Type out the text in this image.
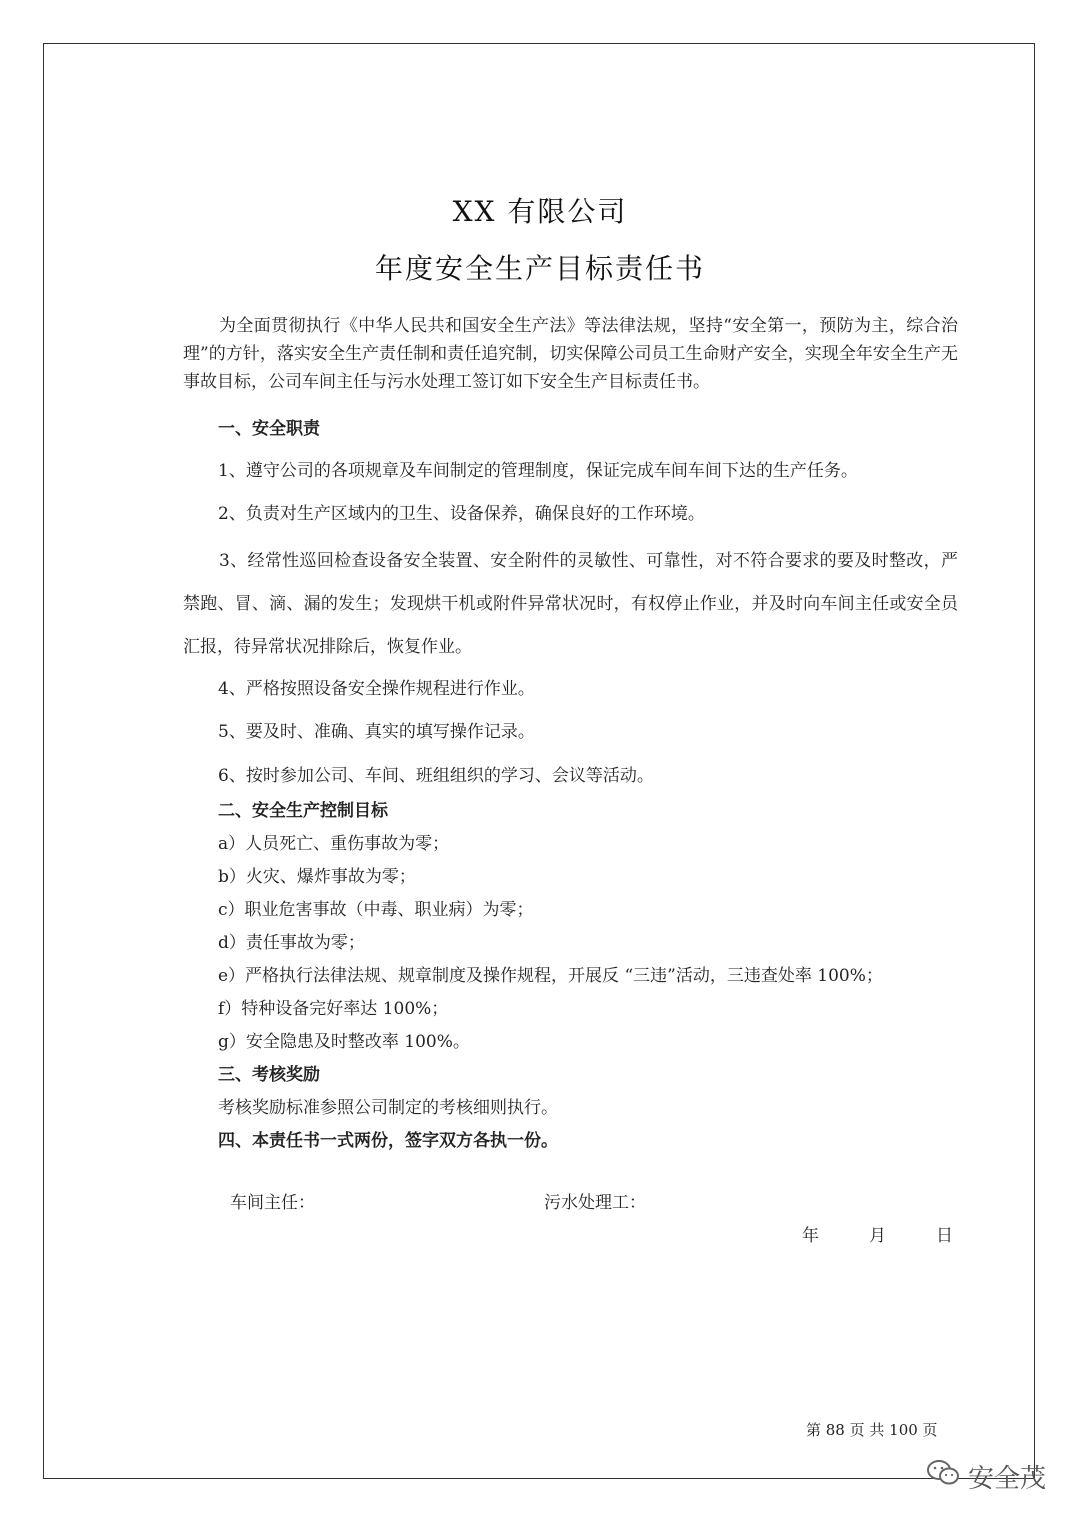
XX 有限公司
年度安全生产目标责任书
为全面贯彻执行《中华人民共和国安全生产法》等法律法规，坚持“安全第一，预防为主，综合治理”的方针，落实安全生产责任制和责任追究制，切实保障公司员工生命财产安全，实现全年安全生产无事故目标，公司车间主任与污水处理工签订如下安全生产目标责任书。
一、安全职责
1、遵守公司的各项规章及车间制定的管理制度，保证完成车间车间下达的生产任务。
2、负责对生产区域内的卫生、设备保养，确保良好的工作环境。
3、经常性巡回检查设备安全装置、安全附件的灵敏性、可靠性，对不符合要求的要及时整改，严禁跑、冒、滴、漏的发生；发现烘干机或附件异常状况时，有权停止作业，并及时向车间主任或安全员汇报，待异常状况排除后，恢复作业。
4、严格按照设备安全操作规程进行作业。
5、要及时、准确、真实的填写操作记录。
6、按时参加公司、车间、班组组织的学习、会议等活动。
二、安全生产控制目标
a）人员死亡、重伤事故为零；
b）火灾、爆炸事故为零；
c）职业危害事故（中毒、职业病）为零；
d）责任事故为零；
e）严格执行法律法规、规章制度及操作规程，开展反 “三违”活动，三违查处率 100%；
f）特种设备完好率达 100%；
g）安全隐患及时整改率 100%。
三、考核奖励
考核奖励标准参照公司制定的考核细则执行。
四、本责任书一式两份，签字双方各执一份。
车间主任：	污水处理工：
年	月	日
第 88 页 共 100 页
安全茂
